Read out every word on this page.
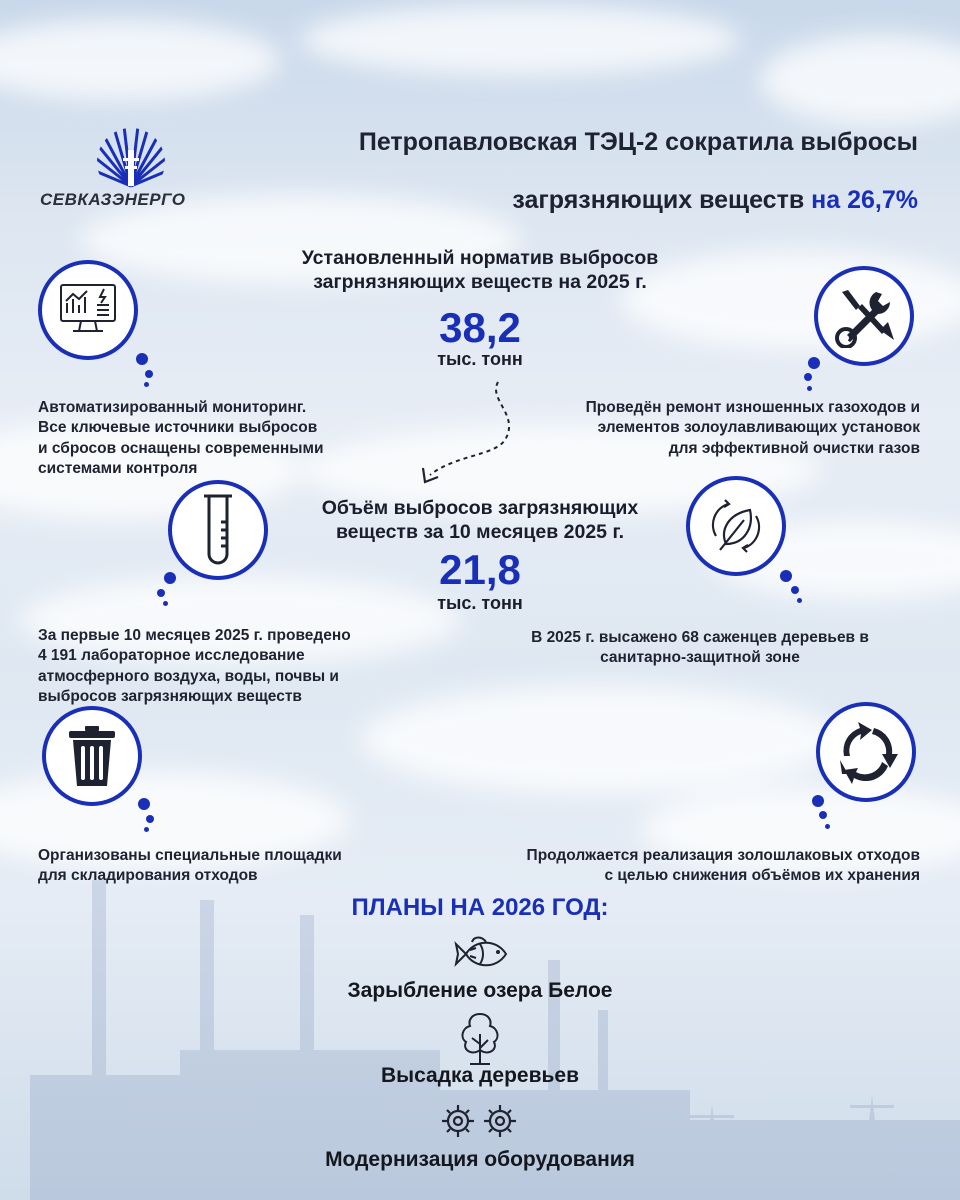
СЕВКАЗЭНЕРГО
Петропавловская ТЭЦ-2 сократила выбросы
загрязняющих веществ на 26,7%
Установленный норматив выбросов
загрнязняющих веществ на 2025 г.
38,2
тыс. тонн
Объём выбросов загрязняющих
веществ за 10 месяцев 2025 г.
21,8
тыс. тонн
Автоматизированный мониторинг.
Все ключевые источники выбросов
и сбросов оснащены современными
системами контроля
Проведён ремонт изношенных газоходов и
элементов золоулавливающих установок
для эффективной очистки газов
За первые 10 месяцев 2025 г. проведено
4 191 лабораторное исследование
атмосферного воздуха, воды, почвы и
выбросов загрязняющих веществ
В 2025 г. высажено 68 саженцев деревьев в
санитарно-защитной зоне
Организованы специальные площадки
для складирования отходов
Продолжается реализация золошлаковых отходов
с целью снижения объёмов их хранения
ПЛАНЫ НА 2026 ГОД:
Зарыбление озера Белое
Высадка деревьев
Модернизация оборудования
